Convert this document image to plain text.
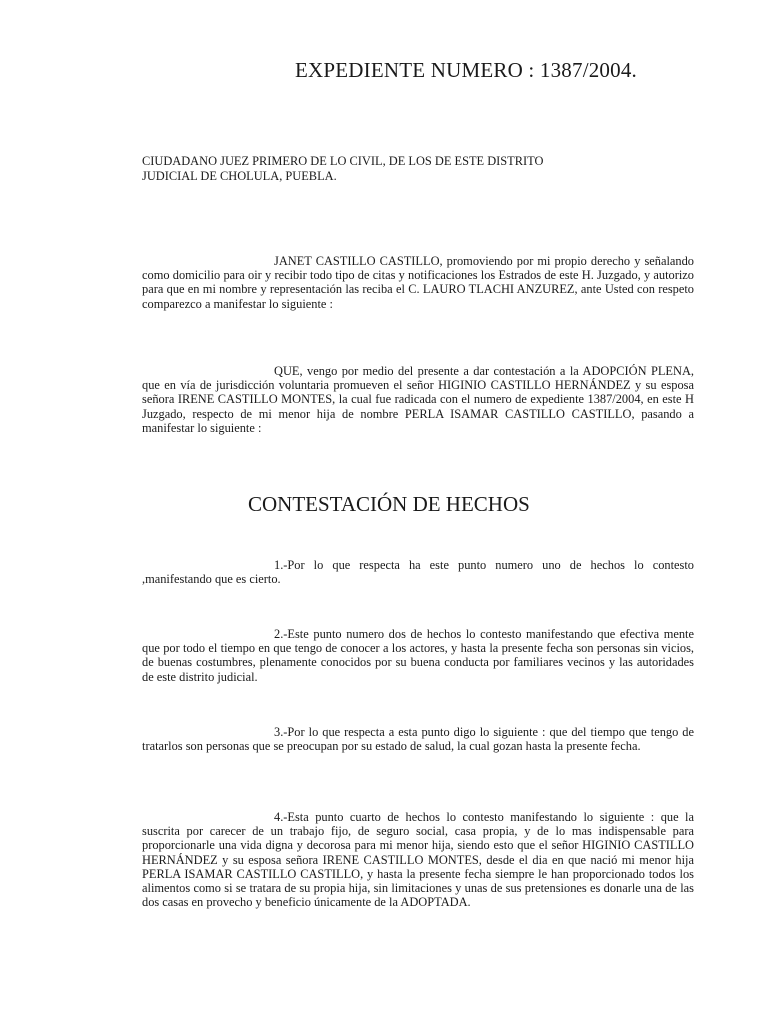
EXPEDIENTE NUMERO : 1387/2004.
CIUDADANO JUEZ PRIMERO DE LO CIVIL, DE LOS DE ESTE DISTRITO
JUDICIAL DE CHOLULA, PUEBLA.

JANET CASTILLO CASTILLO, promoviendo por mi propio derecho y señalando como domicilio para oir y recibir todo tipo de citas y notificaciones los Estrados de este H. Juzgado, y autorizo para que en mi nombre y representación las reciba el C. LAURO TLACHI ANZUREZ, ante Usted con respeto comparezco a manifestar lo siguiente :

QUE, vengo por medio del presente a dar contestación a la ADOPCIÓN PLENA, que en vía de jurisdicción voluntaria promueven el señor HIGINIO CASTILLO HERNÁNDEZ y su esposa señora IRENE CASTILLO MONTES, la cual fue radicada con el numero de expediente 1387/2004, en este H Juzgado, respecto de mi menor hija de nombre PERLA ISAMAR CASTILLO CASTILLO, pasando a manifestar lo siguiente :

CONTESTACIÓN DE HECHOS

1.-Por lo que respecta ha este punto numero uno de hechos lo contesto ,manifestando que es cierto.

2.-Este punto numero dos de hechos lo contesto manifestando que efectiva mente que por todo el tiempo en que tengo de conocer a los actores, y hasta la presente fecha son personas sin vicios, de buenas costumbres, plenamente conocidos por su buena conducta por familiares vecinos y las autoridades de este distrito judicial.

3.-Por lo que respecta a esta punto digo lo siguiente : que del tiempo que tengo de tratarlos son personas que se preocupan por su estado de salud, la cual gozan hasta la presente fecha.

4.-Esta punto cuarto de hechos lo contesto manifestando lo siguiente : que la suscrita por carecer de un trabajo fijo, de seguro social, casa propia, y de lo mas indispensable para proporcionarle una vida digna y decorosa para mi menor hija, siendo esto que el señor HIGINIO CASTILLO HERNÁNDEZ y su esposa señora IRENE CASTILLO MONTES, desde el dia en que nació mi menor hija PERLA ISAMAR CASTILLO CASTILLO, y hasta la presente fecha siempre le han proporcionado todos los alimentos como si se tratara de su propia hija, sin limitaciones y unas de sus pretensiones es donarle una de las dos casas en provecho y beneficio únicamente de la ADOPTADA.
